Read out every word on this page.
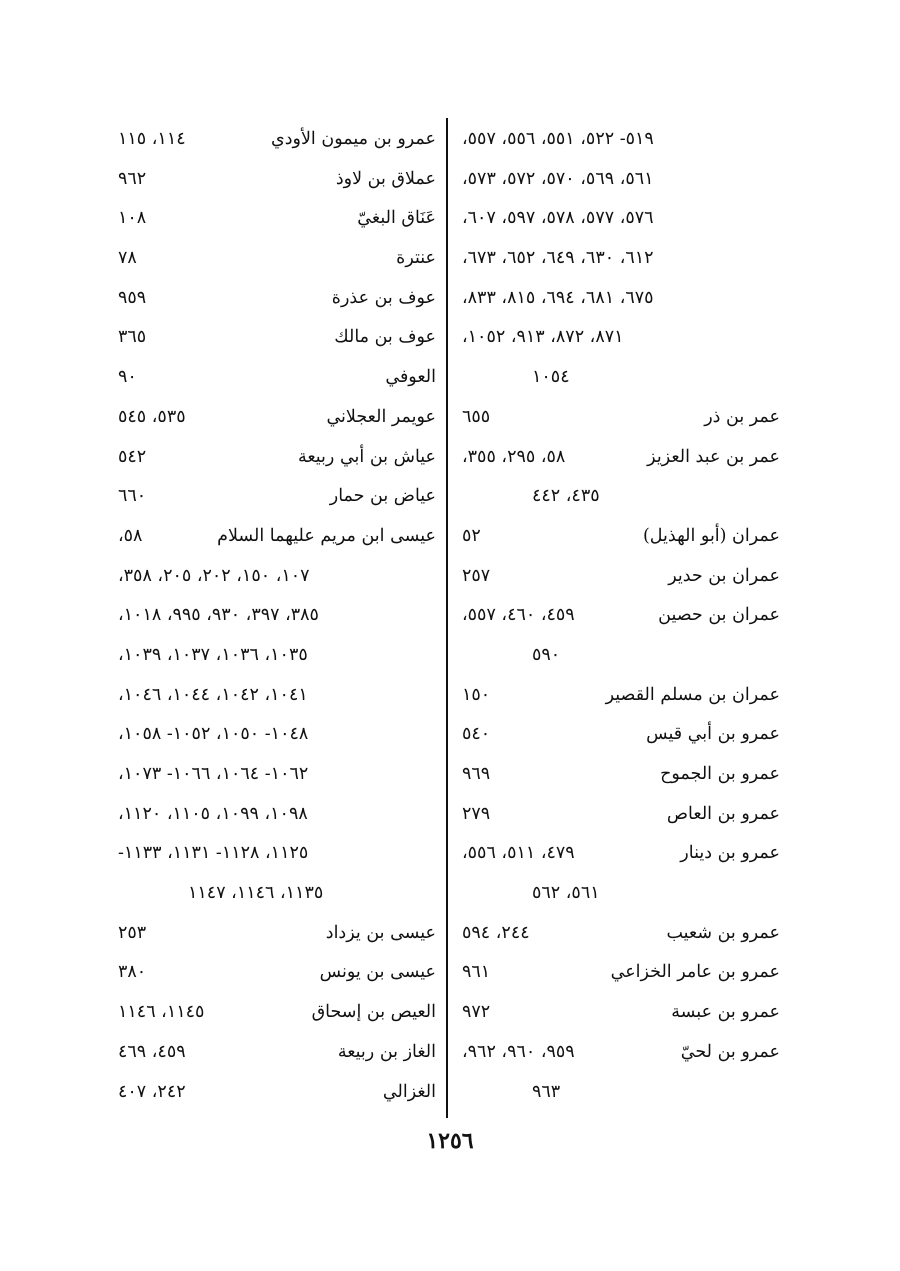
٥١٩- ٥٢٢، ٥٥١، ٥٥٦، ٥٥٧،
٥٦١، ٥٦٩، ٥٧٠، ٥٧٢، ٥٧٣،
٥٧٦، ٥٧٧، ٥٧٨، ٥٩٧، ٦٠٧،
٦١٢، ٦٣٠، ٦٤٩، ٦٥٢، ٦٧٣،
٦٧٥، ٦٨١، ٦٩٤، ٨١٥، ٨٣٣،
٨٧١، ٨٧٢، ٩١٣، ١٠٥٢،
١٠٥٤
عمر بن ذر
٦٥٥
عمر بن عبد العزيز
٥٨، ٢٩٥، ٣٥٥،
٤٣٥، ٤٤٢
عمران (أبو الهذيل)
٥٢
عمران بن حدير
٢٥٧
عمران بن حصين
٤٥٩، ٤٦٠، ٥٥٧،
٥٩٠
عمران بن مسلم القصير
١٥٠
عمرو بن أبي قيس
٥٤٠
عمرو بن الجموح
٩٦٩
عمرو بن العاص
٢٧٩
عمرو بن دينار
٤٧٩، ٥١١، ٥٥٦،
٥٦١، ٥٦٢
عمرو بن شعيب
٢٤٤، ٥٩٤
عمرو بن عامر الخزاعي
٩٦١
عمرو بن عبسة
٩٧٢
عمرو بن لحيّ
٩٥٩، ٩٦٠، ٩٦٢،
٩٦٣
عمرو بن ميمون الأودي
١١٤، ١١٥
عملاق بن لاوذ
٩٦٢
عَنَاق البغيّ
١٠٨
عنترة
٧٨
عوف بن عذرة
٩٥٩
عوف بن مالك
٣٦٥
العوفي
٩٠
عويمر العجلاني
٥٣٥، ٥٤٥
عياش بن أبي ربيعة
٥٤٢
عياض بن حمار
٦٦٠
عيسى ابن مريم عليهما السلام
٥٨،
١٠٧، ١٥٠، ٢٠٢، ٢٠٥، ٣٥٨،
٣٨٥، ٣٩٧، ٩٣٠، ٩٩٥، ١٠١٨،
١٠٣٥، ١٠٣٦، ١٠٣٧، ١٠٣٩،
١٠٤١، ١٠٤٢، ١٠٤٤، ١٠٤٦،
١٠٤٨- ١٠٥٠، ١٠٥٢- ١٠٥٨،
١٠٦٢- ١٠٦٤، ١٠٦٦- ١٠٧٣،
١٠٩٨، ١٠٩٩، ١١٠٥، ١١٢٠،
١١٢٥، ١١٢٨- ١١٣١، ١١٣٣-
١١٣٥، ١١٤٦، ١١٤٧
عيسى بن يزداد
٢٥٣
عيسى بن يونس
٣٨٠
العيص بن إسحاق
١١٤٥، ١١٤٦
الغاز بن ربيعة
٤٥٩، ٤٦٩
الغزالي
٢٤٢، ٤٠٧
١٢٥٦
